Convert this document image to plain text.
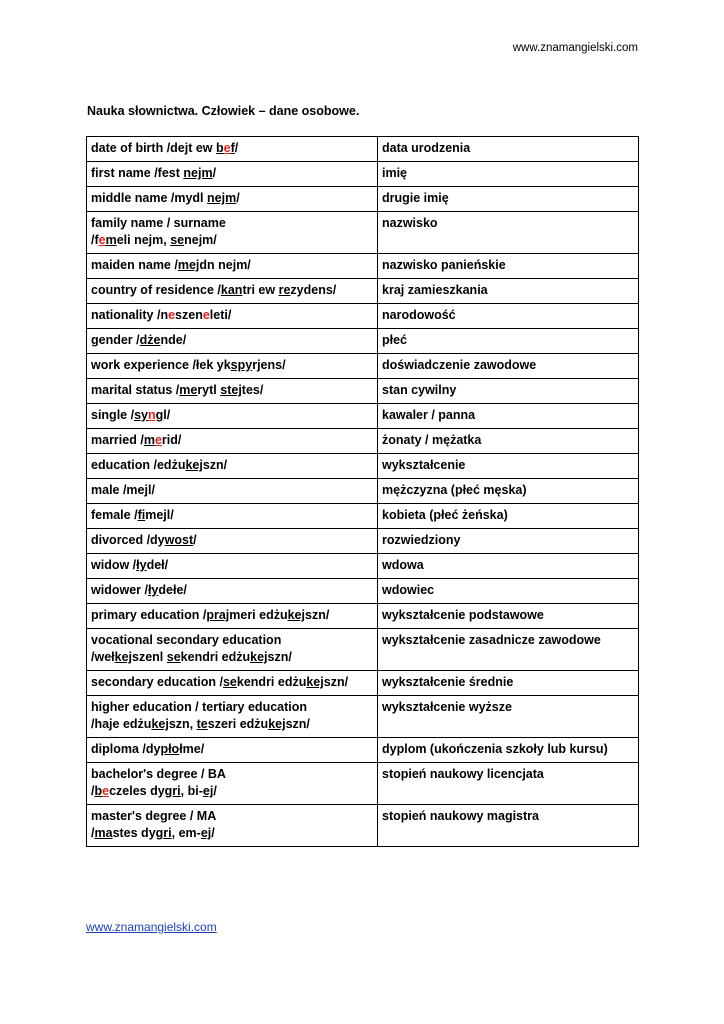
www.znamangielski.com
Nauka słownictwa. Człowiek – dane osobowe.
date of birth /dejt ew bef/	data urodzenia
first name /fest nejm/	imię
middle name /mydl nejm/	drugie imię
family name / surname
/femeli nejm, senejm/	nazwisko
maiden name /mejdn nejm/	nazwisko panieńskie
country of residence /kantri ew rezydens/	kraj zamieszkania
nationality /neszeneleti/	narodowość
gender /dżende/	płeć
work experience /łek ykspyrjens/	doświadczenie zawodowe
marital status /merytl stejtes/	stan cywilny
single /syngl/	kawaler / panna
married /merid/	żonaty / mężatka
education /edżukejszn/	wykształcenie
male /mejl/	mężczyzna (płeć męska)
female /fimejl/	kobieta (płeć żeńska)
divorced /dywost/	rozwiedziony
widow /łydeł/	wdowa
widower /łydełe/	wdowiec
primary education /prajmeri edżukejszn/	wykształcenie podstawowe
vocational secondary education
/wełkejszenl sekendri edżukejszn/	wykształcenie zasadnicze zawodowe
secondary education /sekendri edżukejszn/	wykształcenie średnie
higher education / tertiary education
/haje edżukejszn, teszeri edżukejszn/	wykształcenie wyższe
diploma /dypłołme/	dyplom (ukończenia szkoły lub kursu)
bachelor's degree / BA
/beczeles dygri, bi-ej/	stopień naukowy licencjata
master's degree / MA
/mastes dygri, em-ej/	stopień naukowy magistra
www.znamangielski.com
